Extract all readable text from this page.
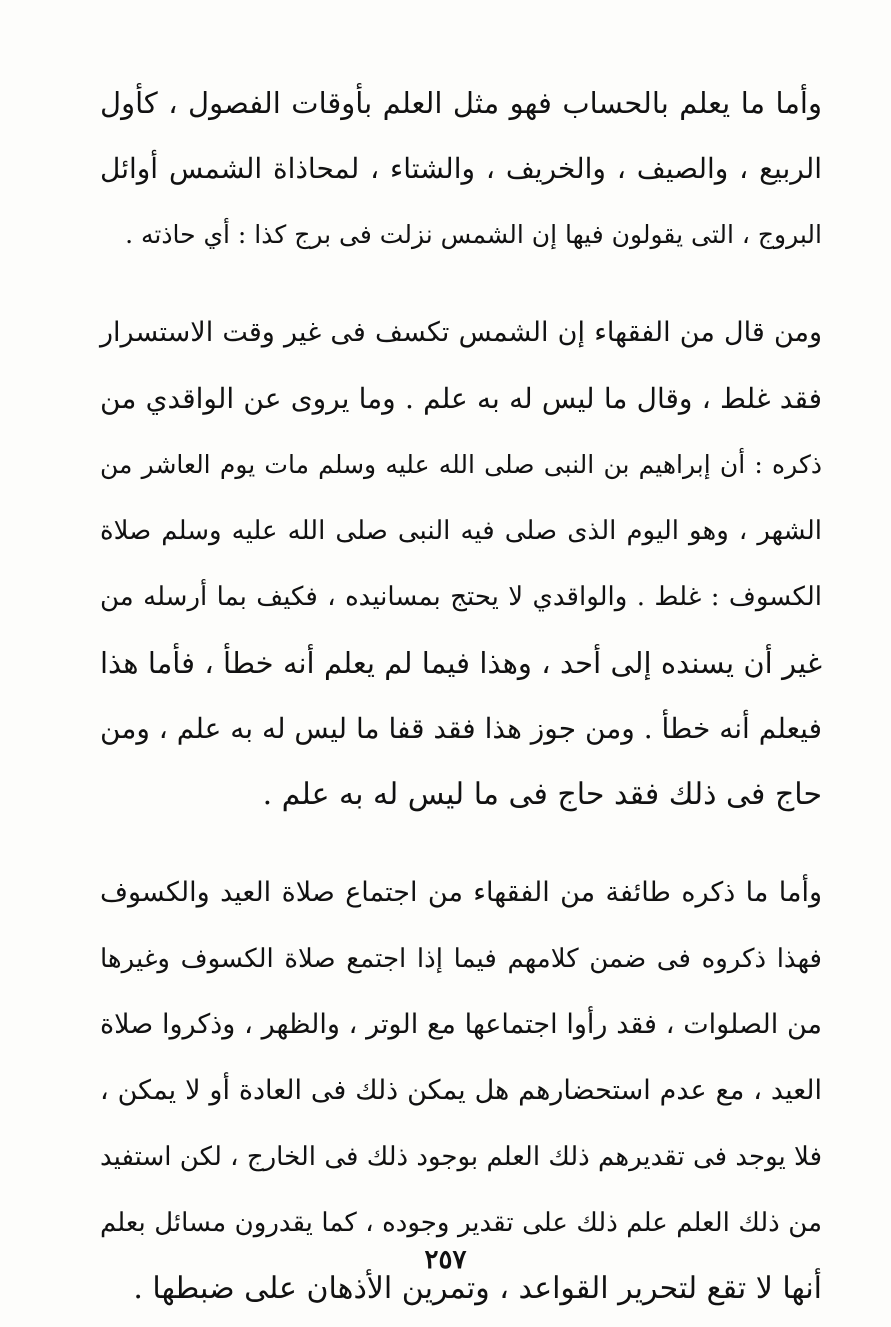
وأما ما يعلم بالحساب فهو مثل العلم بأوقات الفصول ، كأول
الربيع ، والصيف ، والخريف ، والشتاء ، لمحاذاة الشمس أوائل
البروج ، التى يقولون فيها إن الشمس نزلت فى برج كذا : أي حاذته .
ومن قال من الفقهاء إن الشمس تكسف فى غير وقت الاستسرار
فقد غلط ، وقال ما ليس له به علم . وما يروى عن الواقدي من
ذكره : أن إبراهيم بن النبى صلى الله عليه وسلم مات يوم العاشر من
الشهر ، وهو اليوم الذى صلى فيه النبى صلى الله عليه وسلم صلاة
الكسوف : غلط . والواقدي لا يحتج بمسانيده ، فكيف بما أرسله من
غير أن يسنده إلى أحد ، وهذا فيما لم يعلم أنه خطأ ، فأما هذا
فيعلم أنه خطأ . ومن جوز هذا فقد قفا ما ليس له به علم ، ومن
حاج فى ذلك فقد حاج فى ما ليس له به علم .
وأما ما ذكره طائفة من الفقهاء من اجتماع صلاة العيد والكسوف
فهذا ذكروه فى ضمن كلامهم فيما إذا اجتمع صلاة الكسوف وغيرها
من الصلوات ، فقد رأوا اجتماعها مع الوتر ، والظهر ، وذكروا صلاة
العيد ، مع عدم استحضارهم هل يمكن ذلك فى العادة أو لا يمكن ،
فلا يوجد فى تقديرهم ذلك العلم بوجود ذلك فى الخارج ، لكن استفيد
من ذلك العلم علم ذلك على تقدير وجوده ، كما يقدرون مسائل بعلم
أنها لا تقع لتحرير القواعد ، وتمرين الأذهان على ضبطها .
٢٥٧
